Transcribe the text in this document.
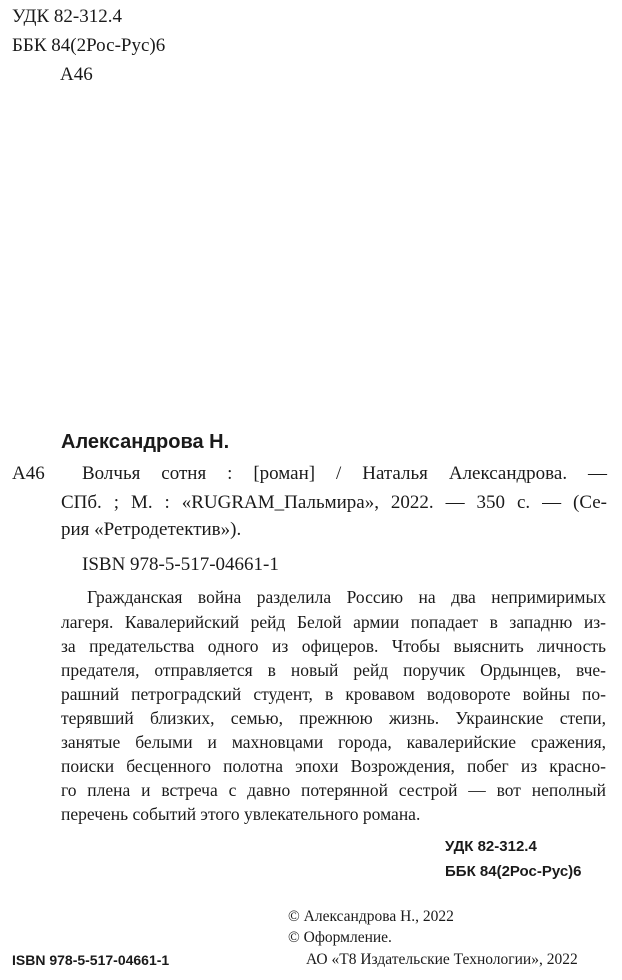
УДК 82-312.4
ББК 84(2Рос-Рус)6
А46
Александрова Н.
А46 Волчья сотня : [роман] / Наталья Александрова. —
СПб. ; М. : «RUGRAM_Пальмира», 2022. — 350 с. — (Се-
рия «Ретродетектив»).
ISBN 978-5-517-04661-1
Гражданская война разделила Россию на два непримиримых
лагеря. Кавалерийский рейд Белой армии попадает в западню из-
за предательства одного из офицеров. Чтобы выяснить личность
предателя, отправляется в новый рейд поручик Ордынцев, вче-
рашний петроградский студент, в кровавом водовороте войны по-
терявший близких, семью, прежнюю жизнь. Украинские степи,
занятые белыми и махновцами города, кавалерийские сражения,
поиски бесценного полотна эпохи Возрождения, побег из красно-
го плена и встреча с давно потерянной сестрой — вот неполный
перечень событий этого увлекательного романа.
УДК 82-312.4
ББК 84(2Рос-Рус)6
ISBN 978-5-517-04661-1
© Александрова Н., 2022
© Оформление.
АО «Т8 Издательские Технологии», 2022
